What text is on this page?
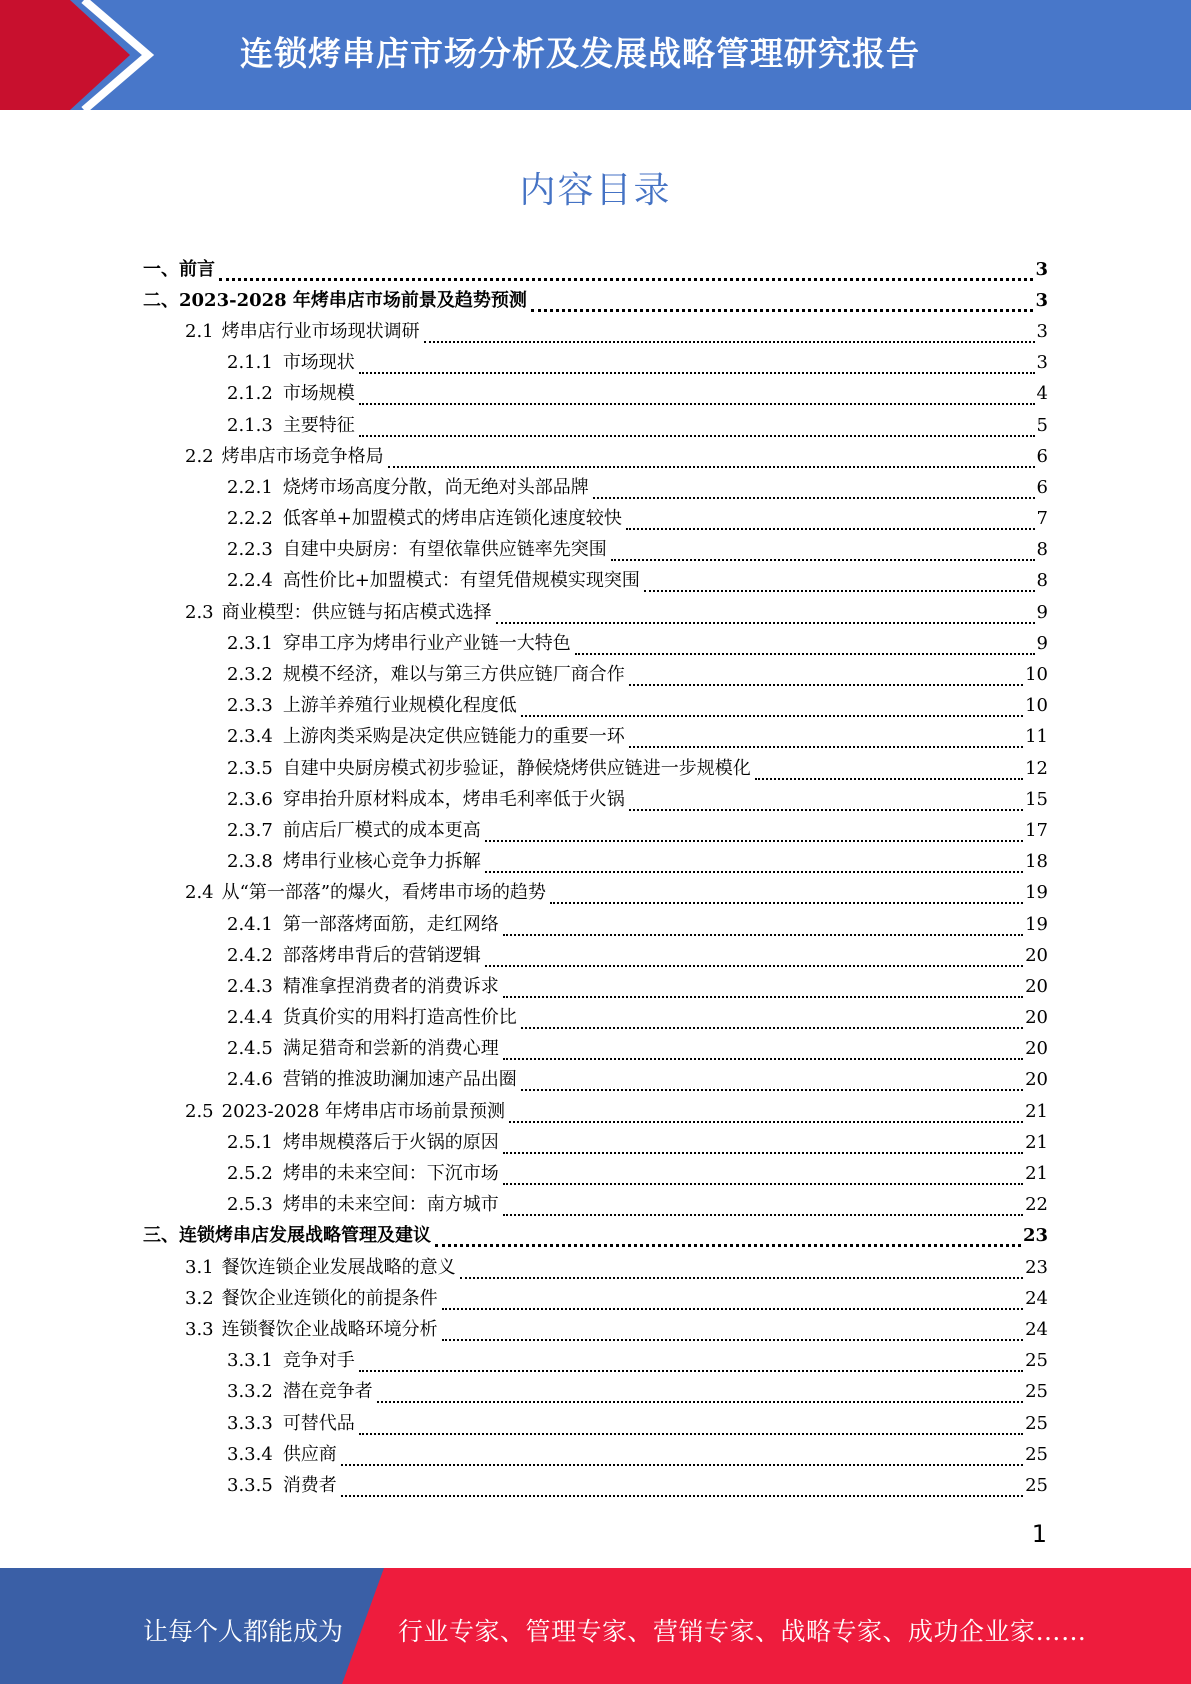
连锁烤串店市场分析及发展战略管理研究报告
内容目录
一、前言	3
二、2023-2028 年烤串店市场前景及趋势预测	3
2.1 烤串店行业市场现状调研	3
2.1.1 市场现状	3
2.1.2 市场规模	4
2.1.3 主要特征	5
2.2 烤串店市场竞争格局	6
2.2.1 烧烤市场高度分散，尚无绝对头部品牌	6
2.2.2 低客单+加盟模式的烤串店连锁化速度较快	7
2.2.3 自建中央厨房：有望依靠供应链率先突围	8
2.2.4 高性价比+加盟模式：有望凭借规模实现突围	8
2.3 商业模型：供应链与拓店模式选择	9
2.3.1 穿串工序为烤串行业产业链一大特色	9
2.3.2 规模不经济，难以与第三方供应链厂商合作	10
2.3.3 上游羊养殖行业规模化程度低	10
2.3.4 上游肉类采购是决定供应链能力的重要一环	11
2.3.5 自建中央厨房模式初步验证，静候烧烤供应链进一步规模化	12
2.3.6 穿串抬升原材料成本，烤串毛利率低于火锅	15
2.3.7 前店后厂模式的成本更高	17
2.3.8 烤串行业核心竞争力拆解	18
2.4 从“第一部落”的爆火，看烤串市场的趋势	19
2.4.1 第一部落烤面筋，走红网络	19
2.4.2 部落烤串背后的营销逻辑	20
2.4.3 精准拿捏消费者的消费诉求	20
2.4.4 货真价实的用料打造高性价比	20
2.4.5 满足猎奇和尝新的消费心理	20
2.4.6 营销的推波助澜加速产品出圈	20
2.5 2023-2028 年烤串店市场前景预测	21
2.5.1 烤串规模落后于火锅的原因	21
2.5.2 烤串的未来空间：下沉市场	21
2.5.3 烤串的未来空间：南方城市	22
三、连锁烤串店发展战略管理及建议	23
3.1 餐饮连锁企业发展战略的意义	23
3.2 餐饮企业连锁化的前提条件	24
3.3 连锁餐饮企业战略环境分析	24
3.3.1 竞争对手	25
3.3.2 潜在竞争者	25
3.3.3 可替代品	25
3.3.4 供应商	25
3.3.5 消费者	25
1
让每个人都能成为 行业专家、管理专家、营销专家、战略专家、成功企业家……
